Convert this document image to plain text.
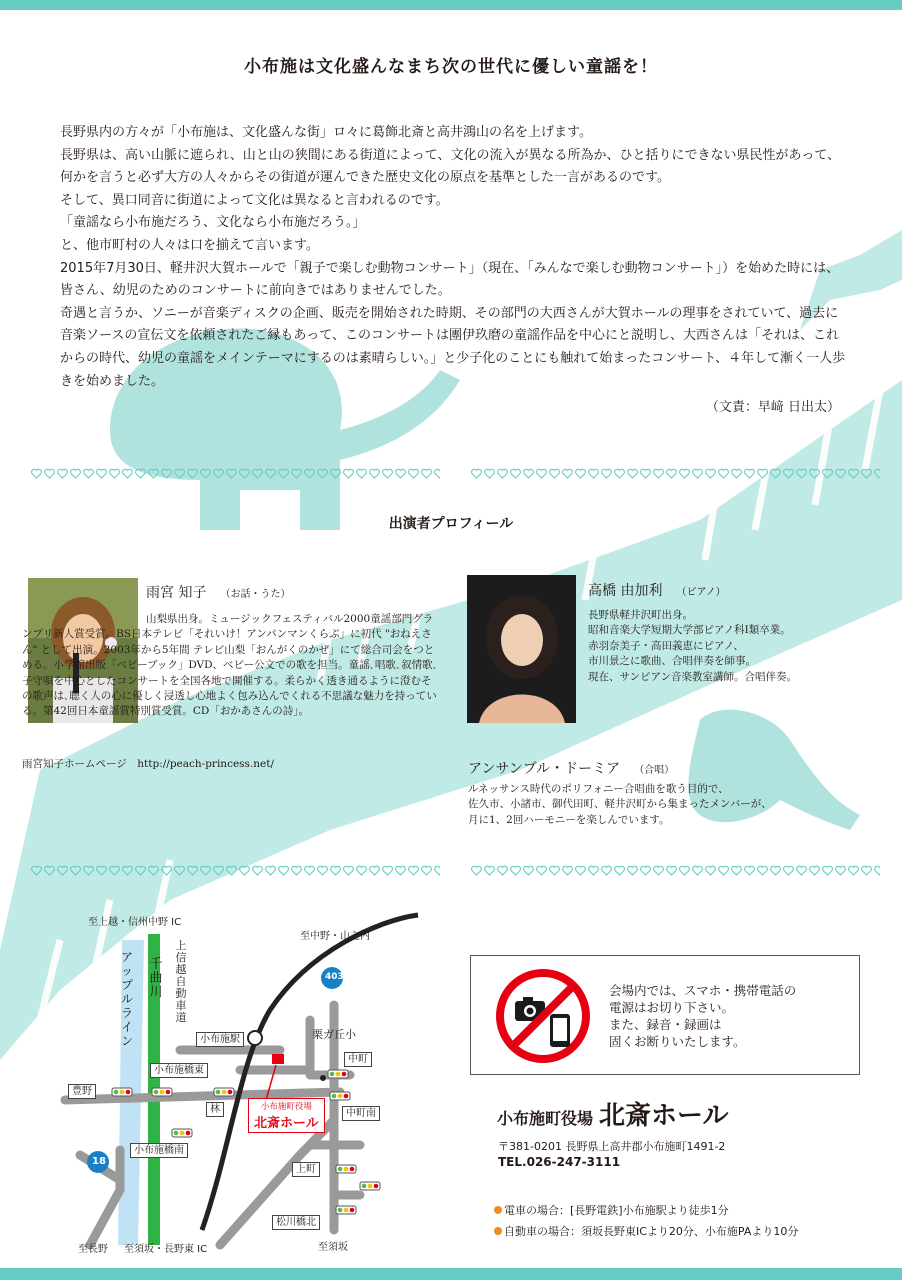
小布施は文化盛んなまち次の世代に優しい童謡を！

長野県内の方々が「小布施は、文化盛んな街」ロ々に葛飾北斎と高井鴻山の名を上げます。

長野県は、高い山脈に遮られ、山と山の狭間にある街道によって、文化の流入が異なる所為か、ひと括りにできない県民性があって、何かを言うと必ず大方の人々からその街道が運んできた歴史文化の原点を基準とした一言があるのです。

そして、異口同音に街道によって文化は異なると言われるのです。

「童謡なら小布施だろう、文化なら小布施だろう。」

と、他市町村の人々は口を揃えて言います。

2015年7月30日、軽井沢大賀ホールで「親子で楽しむ動物コンサート」（現在、「みんなで楽しむ動物コンサート」）を始めた時には、皆さん、幼児のためのコンサートに前向きではありませんでした。

奇遇と言うか、ソニーが音楽ディスクの企画、販売を開始された時期、その部門の大西さんが大賀ホールの理事をされていて、過去に音楽ソースの宣伝文を依頼されたご縁もあって、このコンサートは團伊玖磨の童謡作品を中心にと説明し、大西さんは「それは、これからの時代、幼児の童謡をメインテーマにするのは素晴らしい。」と少子化のことにも触れて始まったコンサート、４年して漸く一人歩きを始めました。

（文責：早﨑 日出太）
出演者プロフィール
雨宮 知子 （お話・うた）
山梨県出身。ミュージックフェスティバル2000童謡部門グランプリ新人賞受賞。BS日本テレビ「それいけ！アンパンマンくらぶ」に初代 "おねえさん" として出演。2003年から5年間 テレビ山梨「おんがくのかぜ」にて総合司会をつとめる。小学館出版「ベビーブック」DVD、ベビー公文での歌を担当。童謡､唱歌､叙情歌､子守唄を中心としたコンサートを全国各地で開催する。柔らかく透き通るように澄むその歌声は､聴く人の心に優しく浸透し心地よく包み込んでくれる不思議な魅力を持っている。第42回日本童謡賞特別賞受賞。CD「おかあさんの詩」。
雨宮知子ホームページ　http://peach-princess.net/
高橋 由加利 （ピアノ）
長野県軽井沢町出身。
昭和音楽大学短期大学部ピアノ科Ⅰ類卒業。
赤羽奈美子・高田義恵にピアノ、
市川景之に歌曲、合唱伴奏を師事。
現在、サンピアン音楽教室講師。合唱伴奏。
アンサンブル・ドーミア （合唱）
ルネッサンス時代のポリフォニー合唱曲を歌う目的で、
佐久市、小諸市、御代田町、軽井沢町から集まったメンバーが、
月に1、2回ハーモニーを楽しんでいます。
至上越・信州中野 IC
至中野・山之内
至長野 至須坂・長野東 IC	至須坂
千曲川
アップルライン
上信越自動車道
小布施駅	栗ガ丘小
403
18
小布施橋東
豊野
林
小布施橋南
中町
中町南
上町
松川橋北
小布施町役場
北斎ホール
会場内では、スマホ・携帯電話の
電源はお切り下さい。
また、録音・録画は
固くお断りいたします。
小布施町役場 北斎ホール
〒381-0201 長野県上高井郡小布施町1491-2
TEL.026-247-3111
電車の場合：[長野電鉄]小布施駅より徒歩1分
自動車の場合：須坂長野東ICより20分、小布施PAより10分
